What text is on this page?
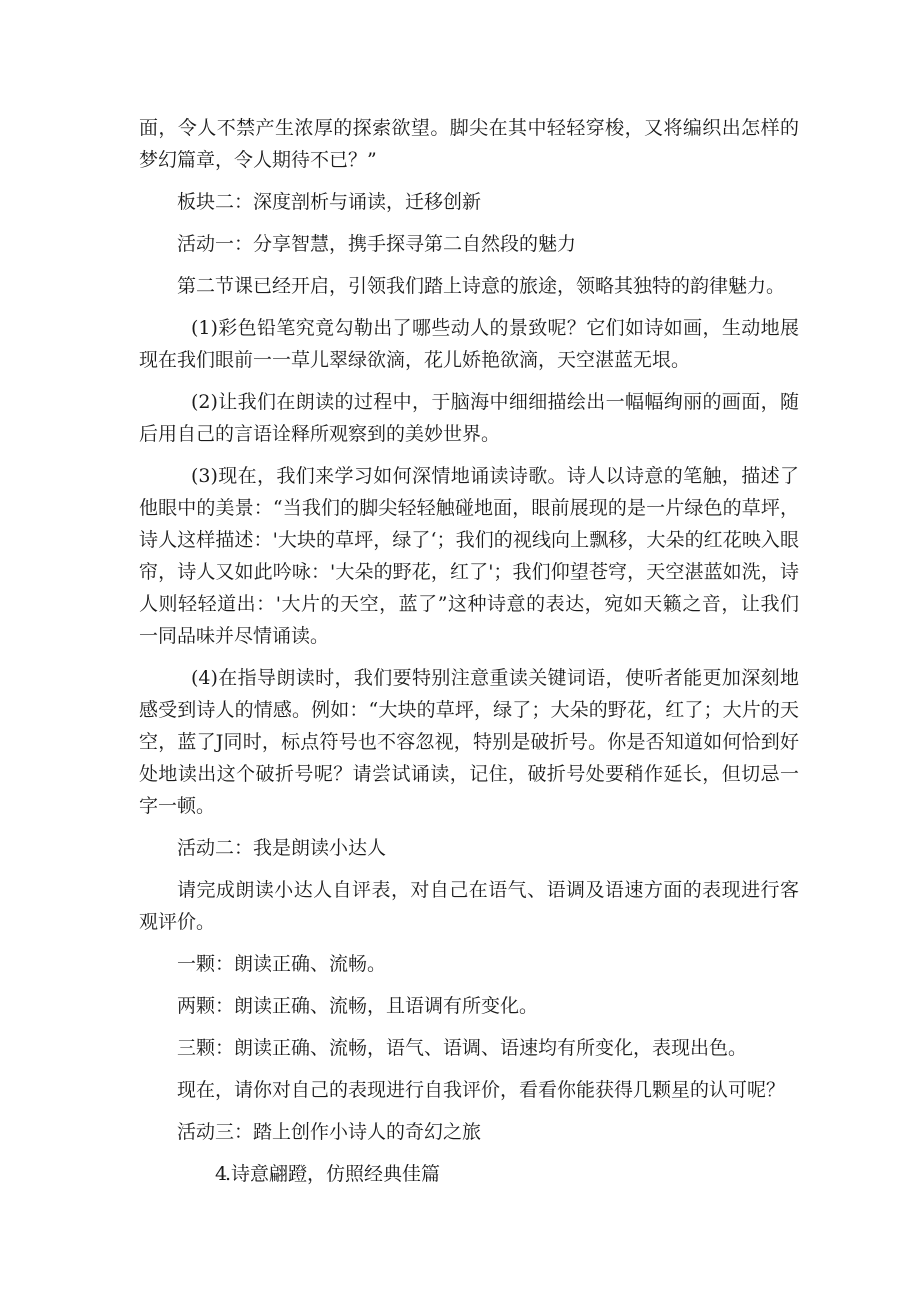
面，令人不禁产生浓厚的探索欲望。脚尖在其中轻轻穿梭，又将编织出怎样的梦幻篇章，令人期待不已？”

板块二：深度剖析与诵读，迁移创新

活动一：分享智慧，携手探寻第二自然段的魅力

第二节课已经开启，引领我们踏上诗意的旅途，领略其独特的韵律魅力。

(1)彩色铅笔究竟勾勒出了哪些动人的景致呢？它们如诗如画，生动地展现在我们眼前一一草儿翠绿欲滴，花儿娇艳欲滴，天空湛蓝无垠。

(2)让我们在朗读的过程中，于脑海中细细描绘出一幅幅绚丽的画面，随后用自己的言语诠释所观察到的美妙世界。

(3)现在，我们来学习如何深情地诵读诗歌。诗人以诗意的笔触，描述了他眼中的美景：“当我们的脚尖轻轻触碰地面，眼前展现的是一片绿色的草坪，诗人这样描述：'大块的草坪，绿了‘；我们的视线向上飘移，大朵的红花映入眼帘，诗人又如此吟咏：'大朵的野花，红了'；我们仰望苍穹，天空湛蓝如洗，诗人则轻轻道出：'大片的天空，蓝了”这种诗意的表达，宛如天籁之音，让我们一同品味并尽情诵读。

(4)在指导朗读时，我们要特别注意重读关键词语，使听者能更加深刻地感受到诗人的情感。例如：“大块的草坪，绿了；大朵的野花，红了；大片的天空，蓝了J同时，标点符号也不容忽视，特别是破折号。你是否知道如何恰到好处地读出这个破折号呢？请尝试诵读，记住，破折号处要稍作延长，但切忌一字一顿。

活动二：我是朗读小达人

请完成朗读小达人自评表，对自己在语气、语调及语速方面的表现进行客观评价。

一颗：朗读正确、流畅。

两颗：朗读正确、流畅，且语调有所变化。

三颗：朗读正确、流畅，语气、语调、语速均有所变化，表现出色。

现在，请你对自己的表现进行自我评价，看看你能获得几颗星的认可呢？

活动三：踏上创作小诗人的奇幻之旅

4.诗意翩蹬，仿照经典佳篇
